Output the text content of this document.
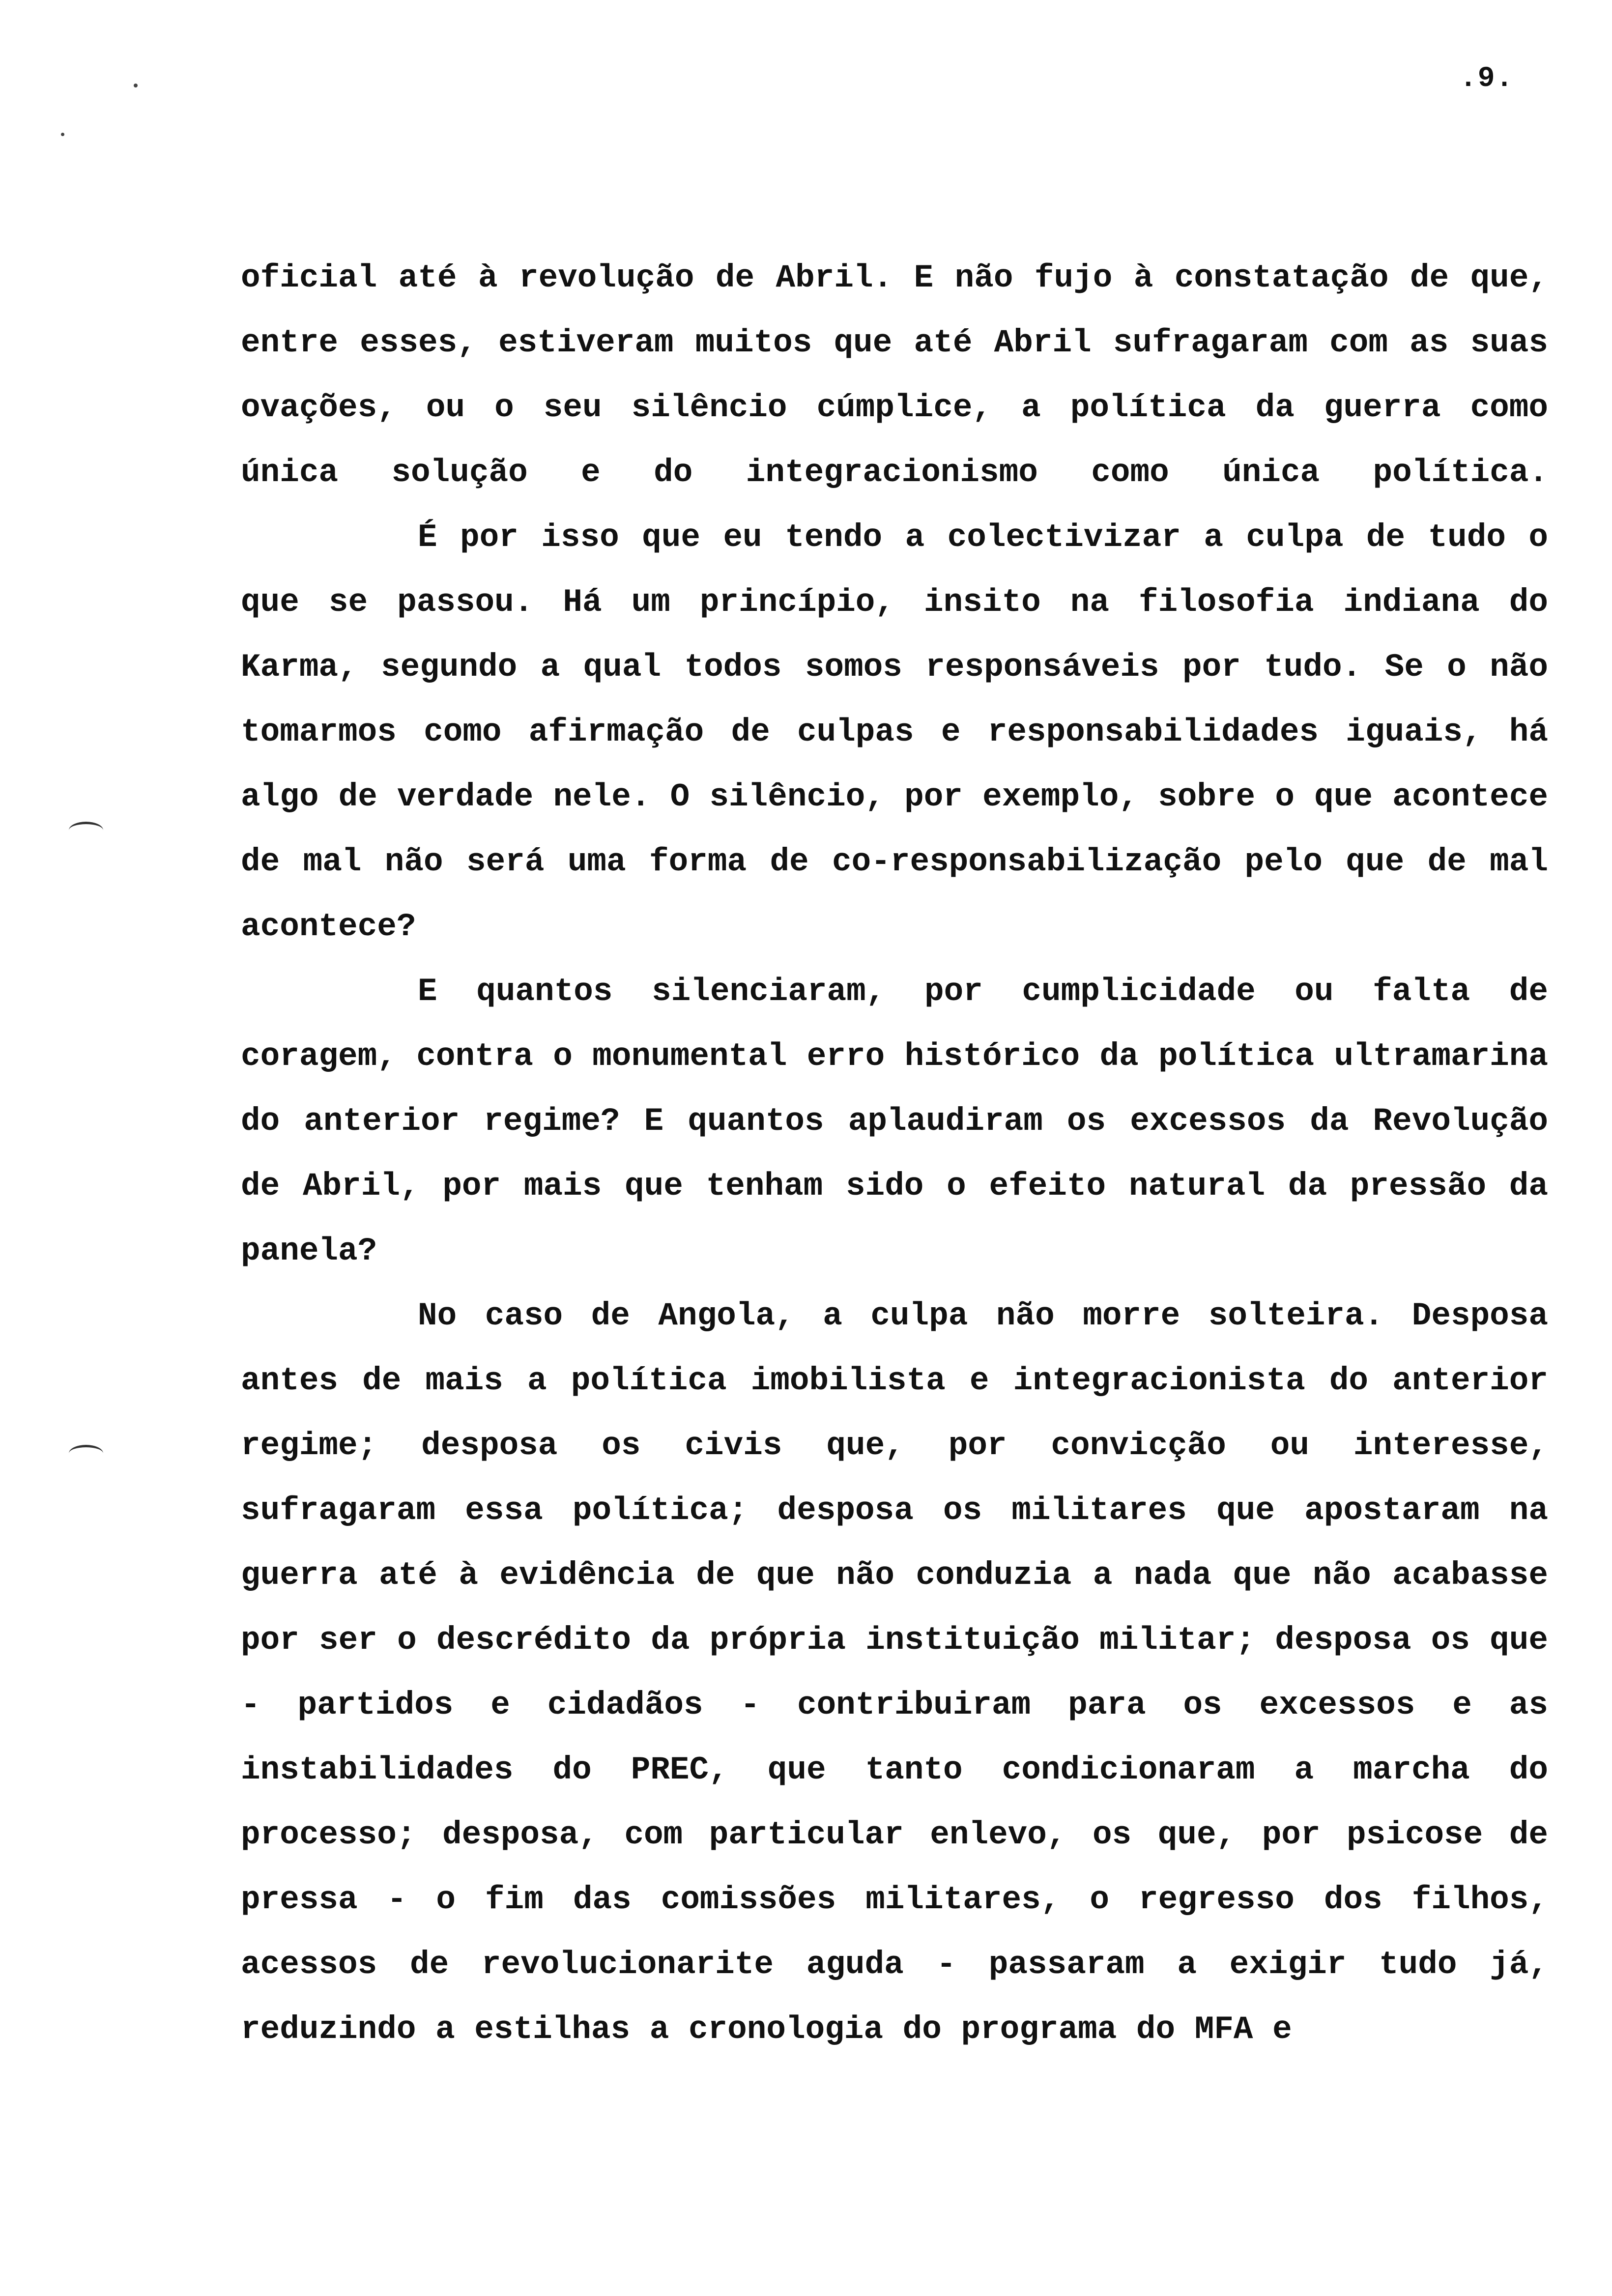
.9.

oficial até à revolução de Abril. E não fujo à constatação de que, entre esses, estiveram muitos que até Abril sufragaram com as suas ovações, ou o seu silêncio cúmplice, a política da guerra como única solução e do integracionismo como única política.

É por isso que eu tendo a colectivizar a culpa de tudo o que se passou. Há um princípio, insito na filosofia indiana do Karma, segundo a qual todos somos responsáveis por tudo. Se o não tomarmos como afirmação de culpas e responsabilidades iguais, há algo de verdade nele. O silêncio, por exemplo, sobre o que acontece de mal não será uma forma de co-responsabilização pelo que de mal acontece?

E quantos silenciaram, por cumplicidade ou falta de coragem, contra o monumental erro histórico da política ultramarina do anterior regime? E quantos aplaudiram os excessos da Revolução de Abril, por mais que tenham sido o efeito natural da pressão da panela?

No caso de Angola, a culpa não morre solteira. Desposa antes de mais a política imobilista e integracionista do anterior regime; desposa os civis que, por convicção ou interesse, sufragaram essa política; desposa os militares que apostaram na guerra até à evidência de que não conduzia a nada que não acabasse por ser o descrédito da própria instituição militar; desposa os que - partidos e cidadãos - contribuiram para os excessos e as instabilidades do PREC, que tanto condicionaram a marcha do processo; desposa, com particular enlevo, os que, por psicose de pressa - o fim das comissões militares, o regresso dos filhos, acessos de revolucionarite aguda - passaram a exigir tudo já, reduzindo a estilhas a cronologia do programa do MFA e
